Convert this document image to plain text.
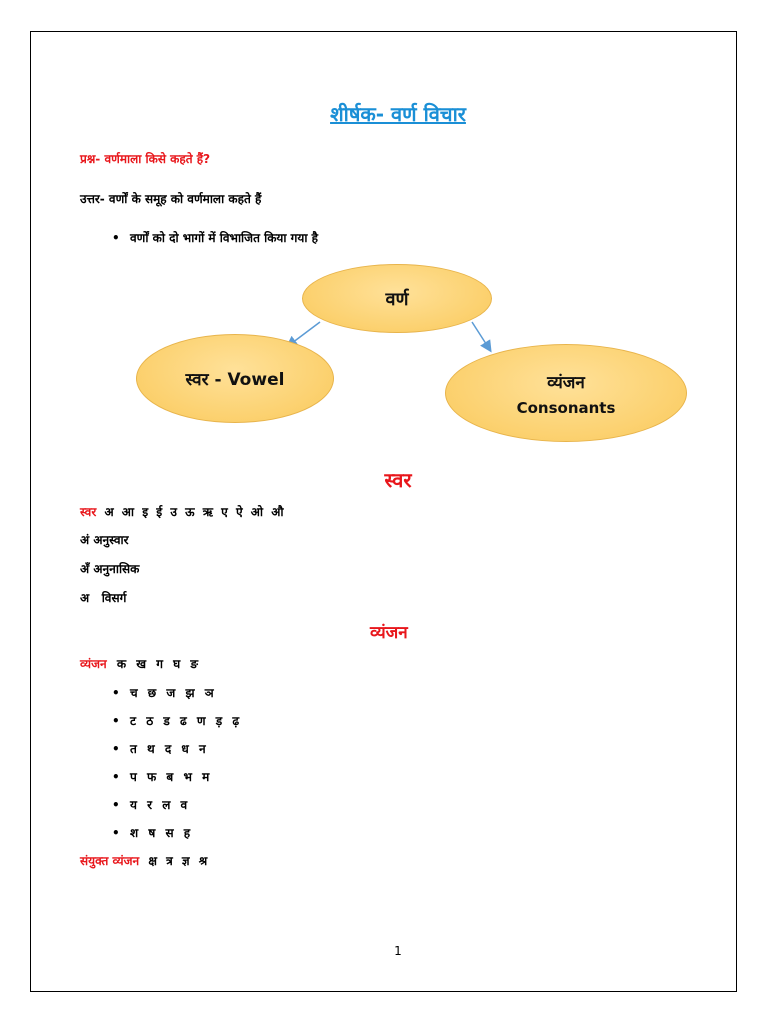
शीर्षक- वर्ण विचार
प्रश्न- वर्णमाला किसे कहते हैं?
उत्तर- वर्णों के समूह को वर्णमाला कहते हैं
• वर्णों को दो भागों में विभाजित किया गया है
वर्ण
स्वर - Vowel	व्यंजन
Consonants
स्वर
स्वर अ आ इ ई उ ऊ ऋ ए ऐ ओ औ
अं अनुस्वार
अँ अनुनासिक
अ   विसर्ग
व्यंजन
व्यंजन क ख ग घ ङ
• च छ ज झ ञ
• ट ठ ड ढ ण ड़ ढ़
• त थ द ध न
• प फ ब भ म
• य र ल व
• श ष स ह
संयुक्त व्यंजन क्ष त्र ज्ञ श्र
1
